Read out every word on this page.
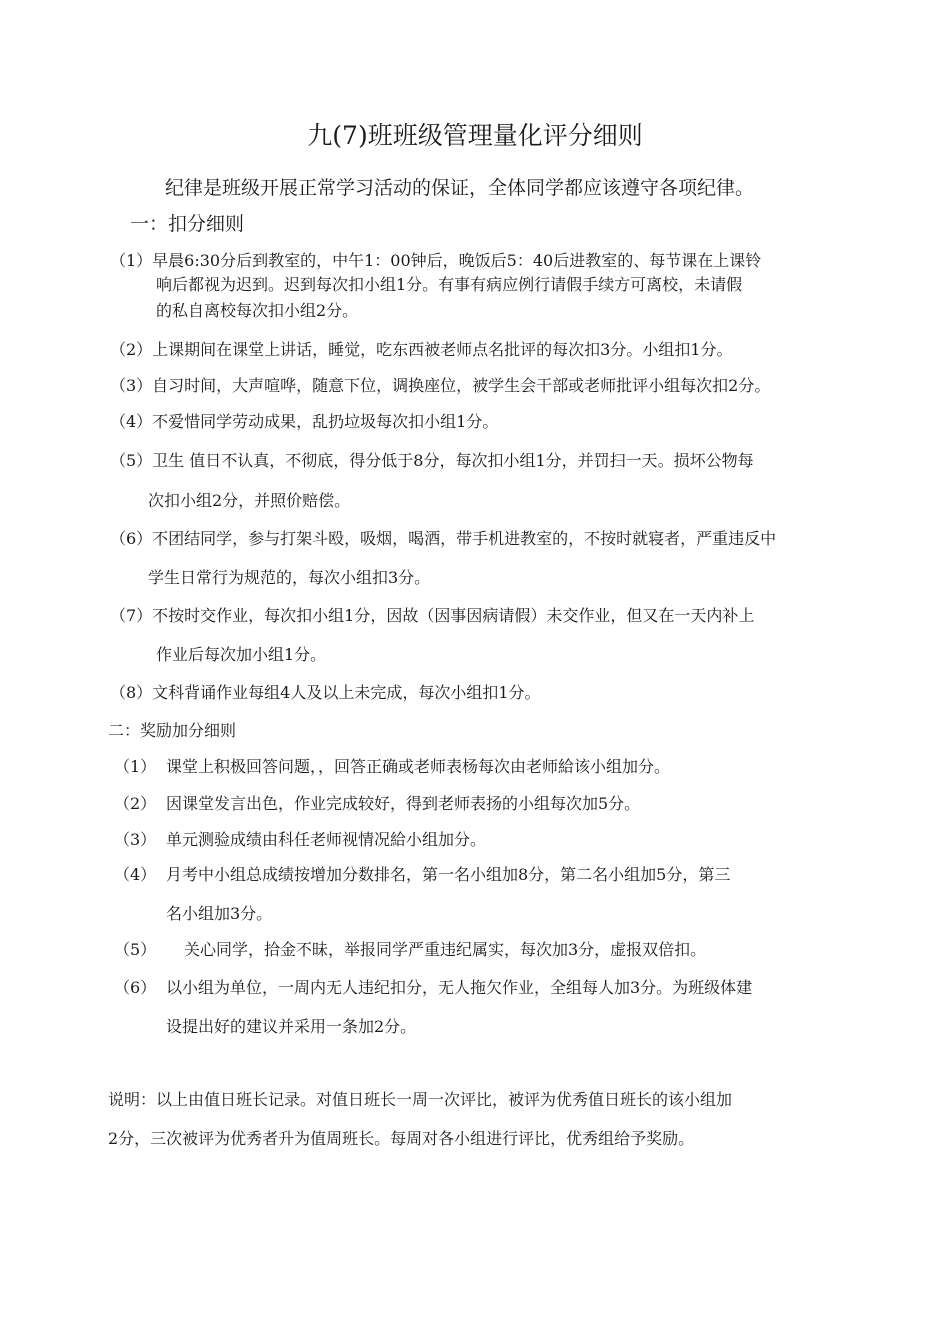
九(7)班班级管理量化评分细则
纪律是班级开展正常学习活动的保证，全体同学都应该遵守各项纪律。
一：扣分细则
（1）早晨6:30分后到教室的，中午1：00钟后，晚饭后5：40后进教室的、每节课在上课铃
响后都视为迟到。迟到每次扣小组1分。有事有病应例行请假手续方可离校，未请假
的私自离校每次扣小组2分。
（2）上课期间在课堂上讲话，睡觉，吃东西被老师点名批评的每次扣3分。小组扣1分。
（3）自习时间，大声喧哗，随意下位，调换座位，被学生会干部或老师批评小组每次扣2分。
（4）不爱惜同学劳动成果，乱扔垃圾每次扣小组1分。
（5）卫生 值日不认真，不彻底，得分低于8分，每次扣小组1分，并罚扫一天。损坏公物每
次扣小组2分，并照价赔偿。
（6）不团结同学，参与打架斗殴，吸烟，喝酒，带手机进教室的，不按时就寝者，严重违反中
学生日常行为规范的，每次小组扣3分。
（7）不按时交作业，每次扣小组1分，因故（因事因病请假）未交作业，但又在一天内补上
作业后每次加小组1分。
（8）文科背诵作业每组4人及以上未完成，每次小组扣1分。
二：奖励加分细则
（1） 课堂上积极回答问题，，回答正确或老师表杨每次由老师給该小组加分。
（2） 因课堂发言出色，作业完成较好，得到老师表扬的小组每次加5分。
（3） 单元测验成绩由科任老师视情况給小组加分。
（4） 月考中小组总成绩按增加分数排名，第一名小组加8分，第二名小组加5分，第三
名小组加3分。
（5） 关心同学，拾金不昧，举报同学严重违纪属实，每次加3分，虚报双倍扣。
（6） 以小组为单位，一周内无人违纪扣分，无人拖欠作业，全组每人加3分。为班级体建
设提出好的建议并采用一条加2分。
说明：以上由值日班长记录。对值日班长一周一次评比，被评为优秀值日班长的该小组加
2分，三次被评为优秀者升为值周班长。每周对各小组进行评比，优秀组给予奖励。
